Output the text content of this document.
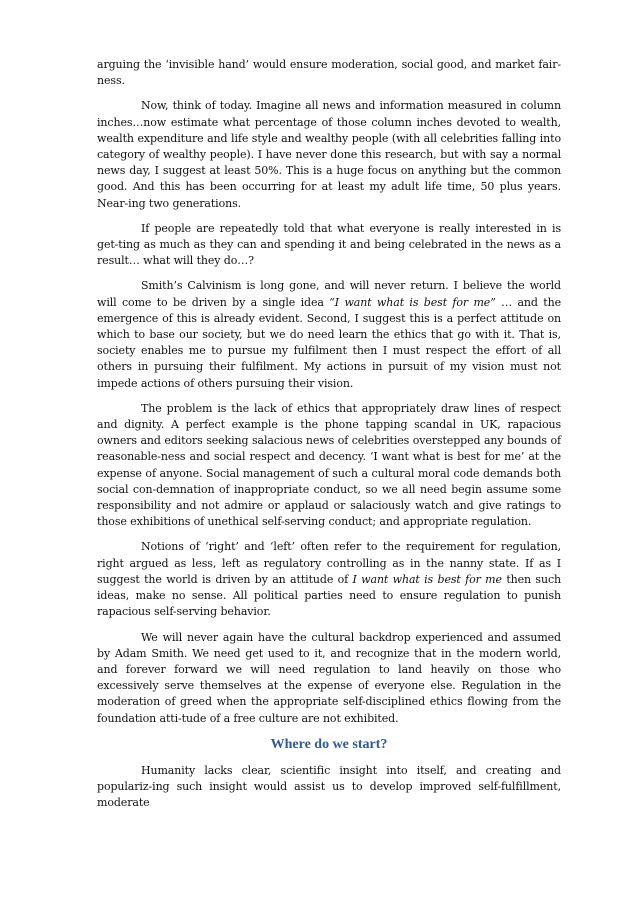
arguing the ‘invisible hand’ would ensure moderation, social good, and market fair-ness.

Now, think of today. Imagine all news and information measured in column inches…now estimate what percentage of those column inches devoted to wealth, wealth expenditure and life style and wealthy people (with all celebrities falling into category of wealthy people). I have never done this research, but with say a normal news day, I suggest at least 50%. This is a huge focus on anything but the common good. And this has been occurring for at least my adult life time, 50 plus years. Near-ing two generations.

If people are repeatedly told that what everyone is really interested in is get-ting as much as they can and spending it and being celebrated in the news as a result… what will they do…?

Smith’s Calvinism is long gone, and will never return. I believe the world will come to be driven by a single idea “I want what is best for me” … and the emergence of this is already evident. Second, I suggest this is a perfect attitude on which to base our society, but we do need learn the ethics that go with it. That is, society enables me to pursue my fulfilment then I must respect the effort of all others in pursuing their fulfilment. My actions in pursuit of my vision must not impede actions of others pursuing their vision.

The problem is the lack of ethics that appropriately draw lines of respect and dignity. A perfect example is the phone tapping scandal in UK, rapacious owners and editors seeking salacious news of celebrities overstepped any bounds of reasonable-ness and social respect and decency. ‘I want what is best for me’ at the expense of anyone. Social management of such a cultural moral code demands both social con-demnation of inappropriate conduct, so we all need begin assume some responsibility and not admire or applaud or salaciously watch and give ratings to those exhibitions of unethical self-serving conduct; and appropriate regulation.

Notions of ‘right’ and ‘left’ often refer to the requirement for regulation, right argued as less, left as regulatory controlling as in the nanny state. If as I suggest the world is driven by an attitude of I want what is best for me then such ideas, make no sense. All political parties need to ensure regulation to punish rapacious self-serving behavior.

We will never again have the cultural backdrop experienced and assumed by Adam Smith. We need get used to it, and recognize that in the modern world, and forever forward we will need regulation to land heavily on those who excessively serve themselves at the expense of everyone else. Regulation in the moderation of greed when the appropriate self-disciplined ethics flowing from the foundation atti-tude of a free culture are not exhibited.

Where do we start?

Humanity lacks clear, scientific insight into itself, and creating and populariz-ing such insight would assist us to develop improved self-fulfillment, moderate
